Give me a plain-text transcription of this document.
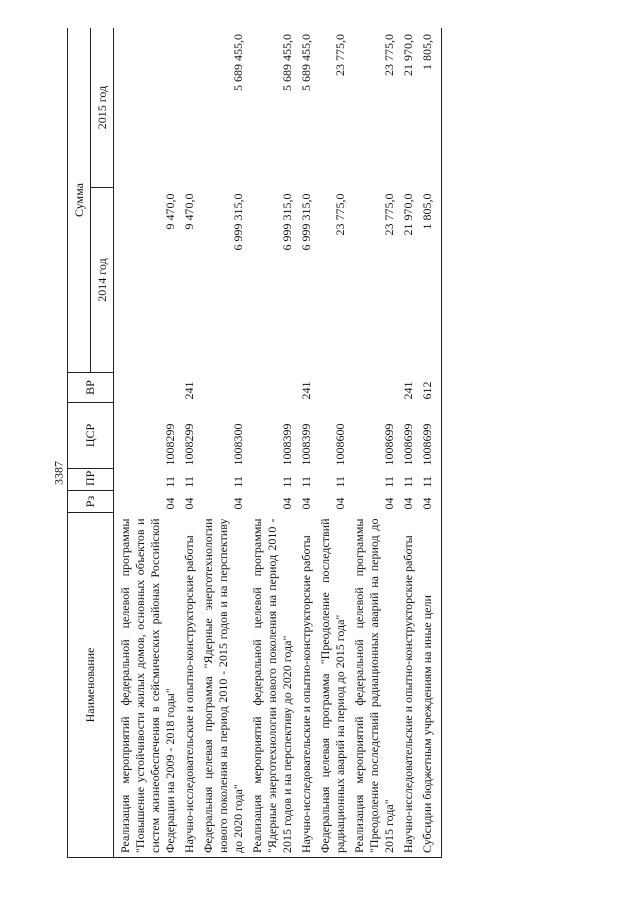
3387
Наименование	Рз	ПР	ЦСР	ВР	Сумма	
					2014 год	2015 год
Реализация мероприятий федеральной целевой программы "Повышение устойчивости жилых домов, основных объектов и систем жизнеобеспечения в сейсмических районах Российской Федерации на 2009 - 2018 годы"	04	11	1008299		9 470,0	
Научно-исследовательские и опытно-конструкторские работы	04	11	1008299	241	9 470,0	
Федеральная целевая программа "Ядерные энерготехнологии нового поколения на период 2010 - 2015 годов и на перспективу до 2020 года"	04	11	1008300		6 999 315,0	5 689 455,0
Реализация мероприятий федеральной целевой программы "Ядерные энерготехнологии нового поколения на период 2010 - 2015 годов и на перспективу до 2020 года"	04	11	1008399		6 999 315,0	5 689 455,0
Научно-исследовательские и опытно-конструкторские работы	04	11	1008399	241	6 999 315,0	5 689 455,0
Федеральная целевая программа "Преодоление последствий радиационных аварий на период до 2015 года"	04	11	1008600		23 775,0	23 775,0
Реализация мероприятий федеральной целевой программы "Преодоление последствий радиационных аварий на период до 2015 года"	04	11	1008699		23 775,0	23 775,0
Научно-исследовательские и опытно-конструкторские работы	04	11	1008699	241	21 970,0	21 970,0
Субсидии бюджетным учреждениям на иные цели	04	11	1008699	612	1 805,0	1 805,0
